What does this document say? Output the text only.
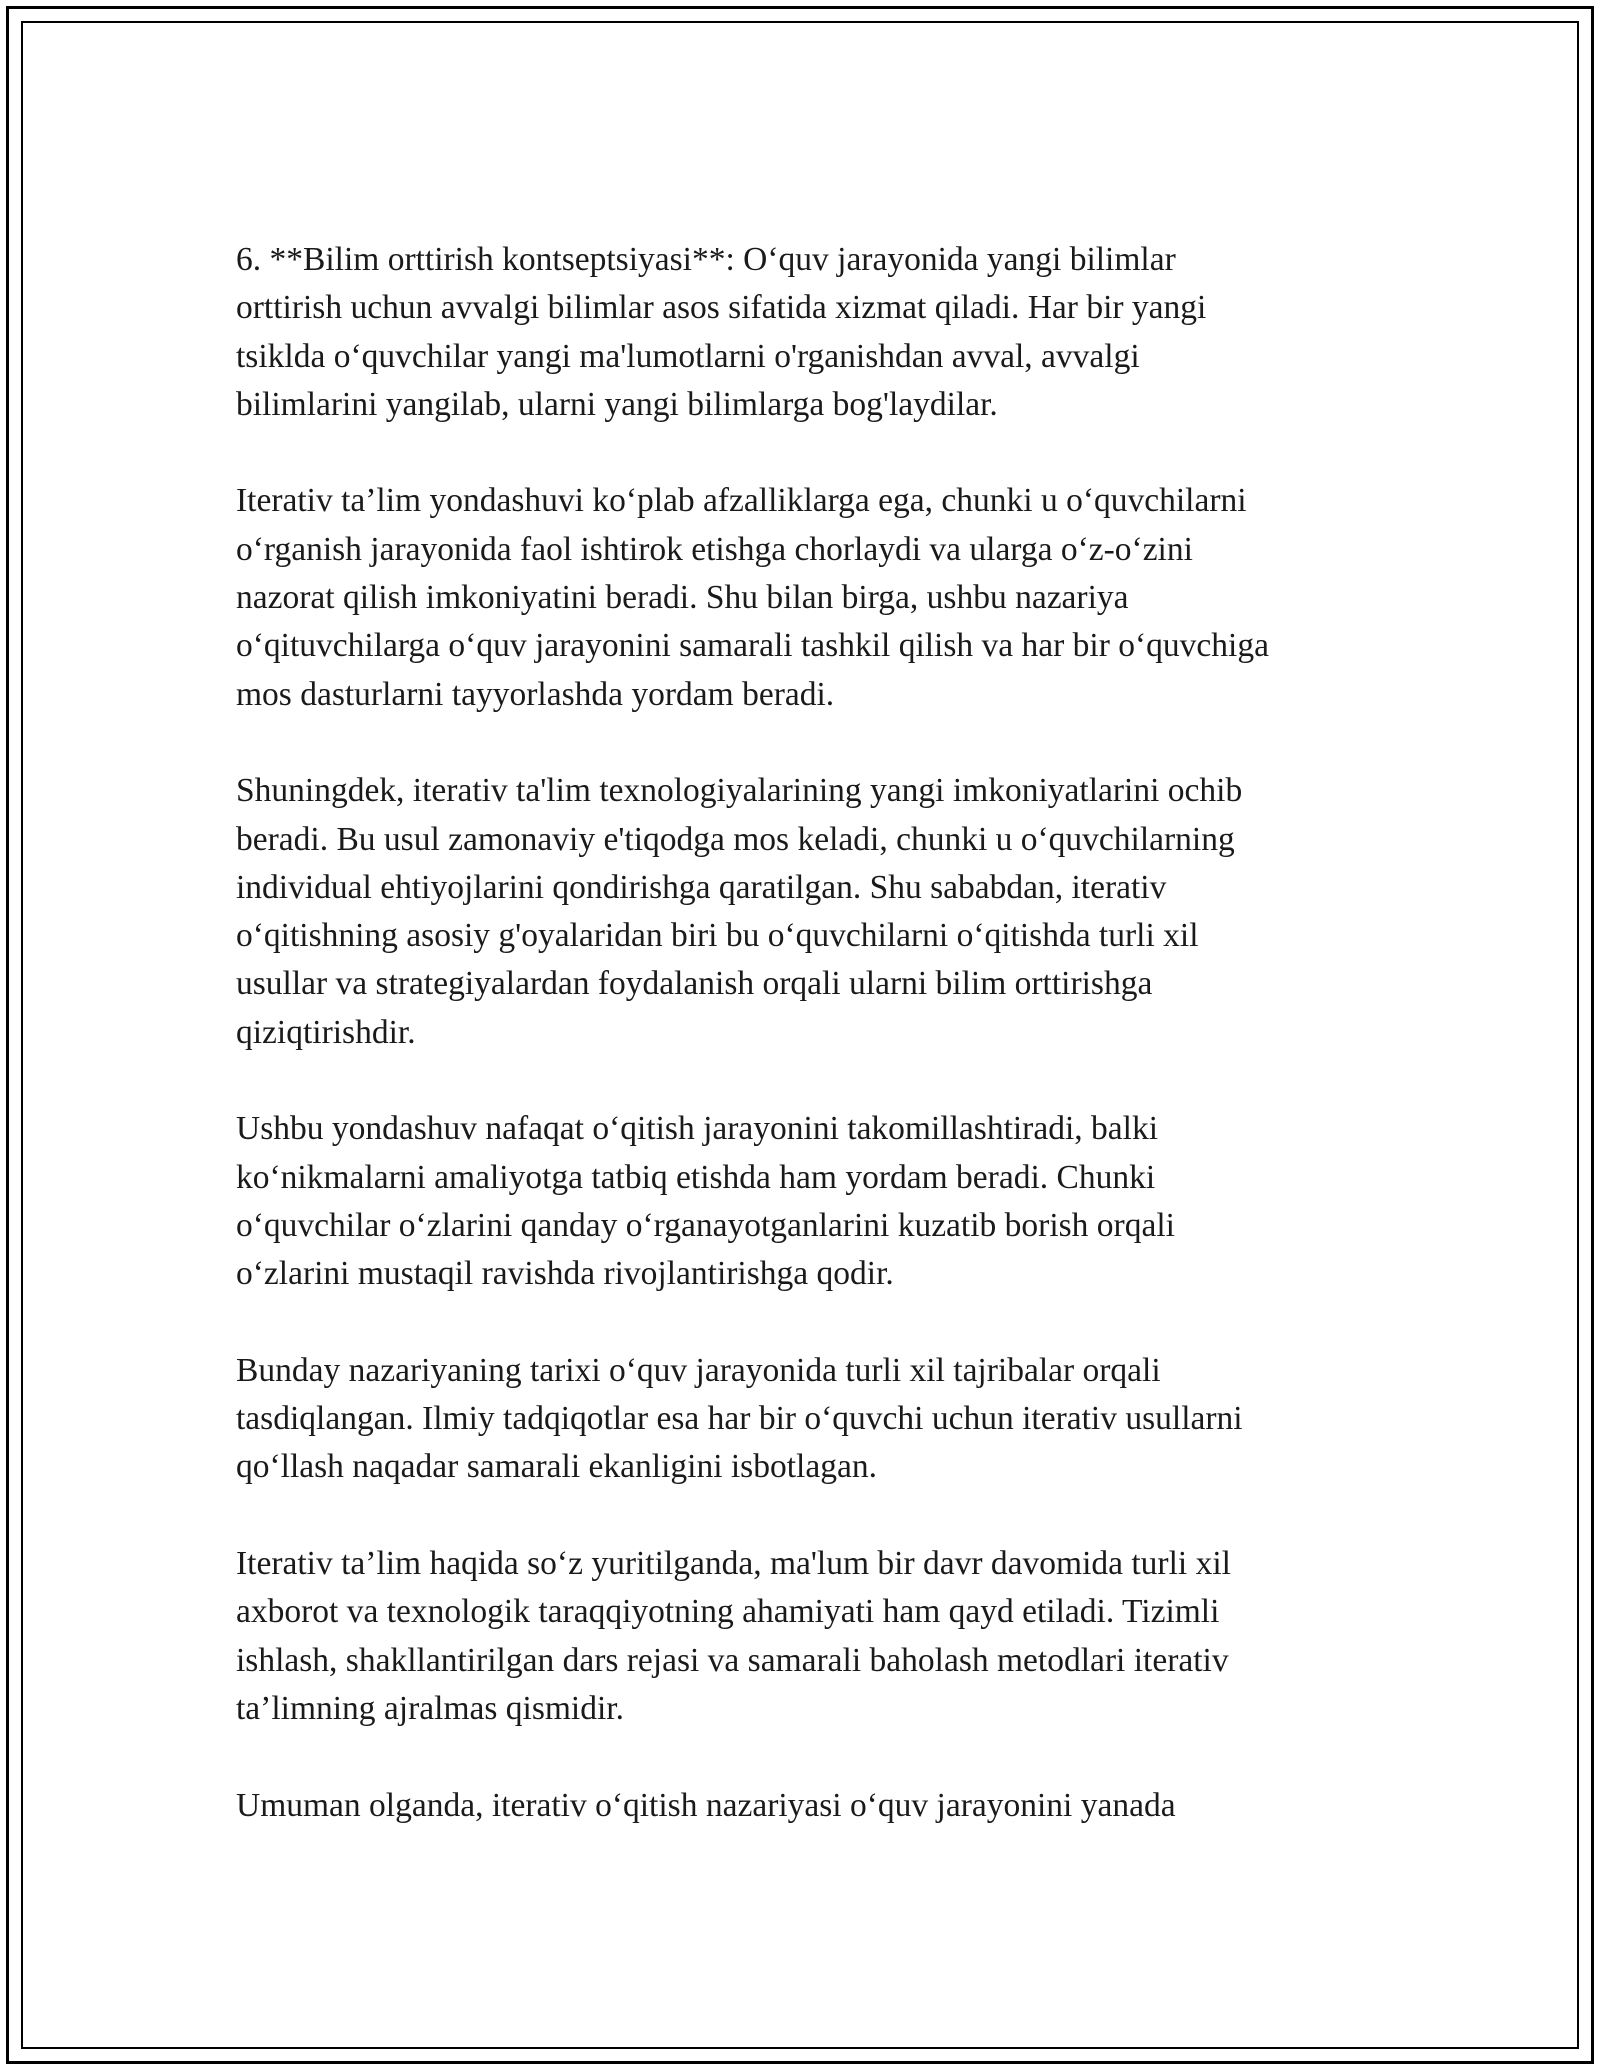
6. **Bilim orttirish kontseptsiyasi**: O‘quv jarayonida yangi bilimlar
orttirish uchun avvalgi bilimlar asos sifatida xizmat qiladi. Har bir yangi
tsiklda o‘quvchilar yangi ma'lumotlarni o'rganishdan avval, avvalgi
bilimlarini yangilab, ularni yangi bilimlarga bog'laydilar.

Iterativ ta’lim yondashuvi ko‘plab afzalliklarga ega, chunki u o‘quvchilarni
o‘rganish jarayonida faol ishtirok etishga chorlaydi va ularga o‘z-o‘zini
nazorat qilish imkoniyatini beradi. Shu bilan birga, ushbu nazariya
o‘qituvchilarga o‘quv jarayonini samarali tashkil qilish va har bir o‘quvchiga
mos dasturlarni tayyorlashda yordam beradi.

Shuningdek, iterativ ta'lim texnologiyalarining yangi imkoniyatlarini ochib
beradi. Bu usul zamonaviy e'tiqodga mos keladi, chunki u o‘quvchilarning
individual ehtiyojlarini qondirishga qaratilgan. Shu sababdan, iterativ
o‘qitishning asosiy g'oyalaridan biri bu o‘quvchilarni o‘qitishda turli xil
usullar va strategiyalardan foydalanish orqali ularni bilim orttirishga
qiziqtirishdir.

Ushbu yondashuv nafaqat o‘qitish jarayonini takomillashtiradi, balki
ko‘nikmalarni amaliyotga tatbiq etishda ham yordam beradi. Chunki
o‘quvchilar o‘zlarini qanday o‘rganayotganlarini kuzatib borish orqali
o‘zlarini mustaqil ravishda rivojlantirishga qodir.

Bunday nazariyaning tarixi o‘quv jarayonida turli xil tajribalar orqali
tasdiqlangan. Ilmiy tadqiqotlar esa har bir o‘quvchi uchun iterativ usullarni
qo‘llash naqadar samarali ekanligini isbotlagan.

Iterativ ta’lim haqida so‘z yuritilganda, ma'lum bir davr davomida turli xil
axborot va texnologik taraqqiyotning ahamiyati ham qayd etiladi. Tizimli
ishlash, shakllantirilgan dars rejasi va samarali baholash metodlari iterativ
ta’limning ajralmas qismidir.

Umuman olganda, iterativ o‘qitish nazariyasi o‘quv jarayonini yanada
